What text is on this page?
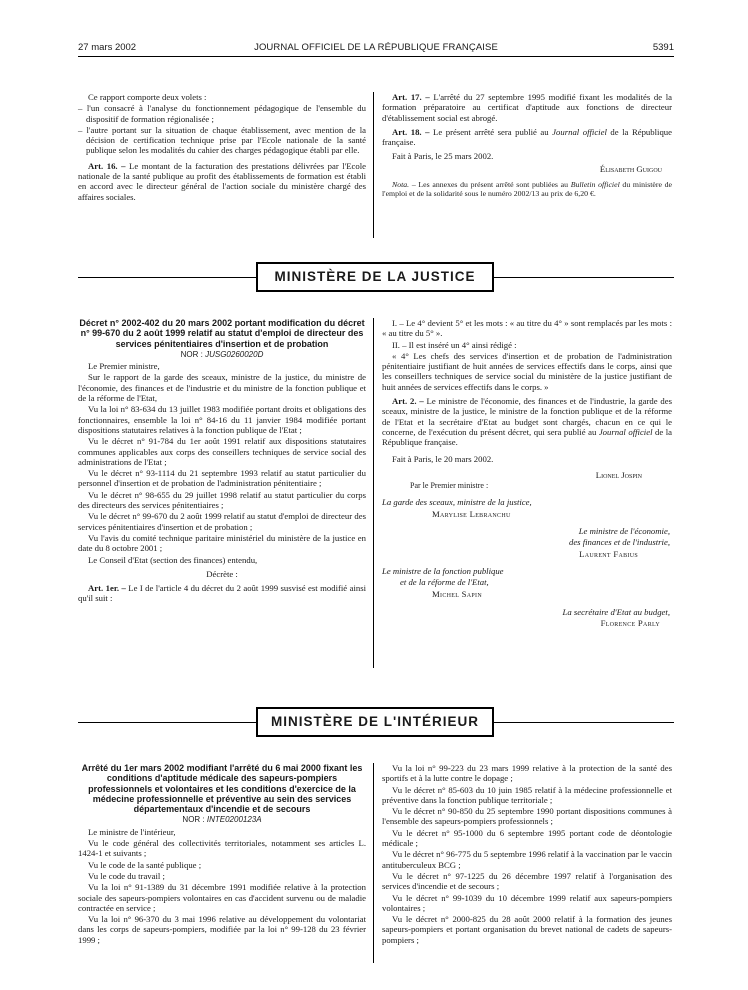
27 mars 2002	JOURNAL OFFICIEL DE LA RÉPUBLIQUE FRANÇAISE	5391

Ce rapport comporte deux volets :

– l'un consacré à l'analyse du fonctionnement pédagogique de l'ensemble du dispositif de formation régionalisée ;

– l'autre portant sur la situation de chaque établissement, avec mention de la décision de certification technique prise par l'Ecole nationale de la santé publique selon les modalités du cahier des charges pédagogique établi par elle.

Art. 16. – Le montant de la facturation des prestations délivrées par l'Ecole nationale de la santé publique au profit des établissements de formation est établi en accord avec le directeur général de l'action sociale du ministère chargé des affaires sociales.

Art. 17. – L'arrêté du 27 septembre 1995 modifié fixant les modalités de la formation préparatoire au certificat d'aptitude aux fonctions de directeur d'établissement social est abrogé.

Art. 18. – Le présent arrêté sera publié au Journal officiel de la République française.

Fait à Paris, le 25 mars 2002.

Élisabeth Guigou

Nota. – Les annexes du présent arrêté sont publiées au Bulletin officiel du ministère de l'emploi et de la solidarité sous le numéro 2002/13 au prix de 6,20 €.

MINISTÈRE DE LA JUSTICE

Décret n° 2002-402 du 20 mars 2002 portant modification du décret n° 99-670 du 2 août 1999 relatif au statut d'emploi de directeur des services pénitentiaires d'insertion et de probation

NOR : JUSG0260020D

Le Premier ministre,

Sur le rapport de la garde des sceaux, ministre de la justice, du ministre de l'économie, des finances et de l'industrie et du ministre de la fonction publique et de la réforme de l'Etat,

Vu la loi n° 83-634 du 13 juillet 1983 modifiée portant droits et obligations des fonctionnaires, ensemble la loi n° 84-16 du 11 janvier 1984 modifiée portant dispositions statutaires relatives à la fonction publique de l'Etat ;

Vu le décret n° 91-784 du 1er août 1991 relatif aux dispositions statutaires communes applicables aux corps des conseillers techniques de service social des administrations de l'Etat ;

Vu le décret n° 93-1114 du 21 septembre 1993 relatif au statut particulier du personnel d'insertion et de probation de l'administration pénitentiaire ;

Vu le décret n° 98-655 du 29 juillet 1998 relatif au statut particulier du corps des directeurs des services pénitentiaires ;

Vu le décret n° 99-670 du 2 août 1999 relatif au statut d'emploi de directeur des services pénitentiaires d'insertion et de probation ;

Vu l'avis du comité technique paritaire ministériel du ministère de la justice en date du 8 octobre 2001 ;

Le Conseil d'Etat (section des finances) entendu,

Décrète :

Art. 1er. – Le I de l'article 4 du décret du 2 août 1999 susvisé est modifié ainsi qu'il suit :

I. – Le 4° devient 5° et les mots : « au titre du 4° » sont remplacés par les mots : « au titre du 5° ».

II. – Il est inséré un 4° ainsi rédigé :

« 4° Les chefs des services d'insertion et de probation de l'administration pénitentiaire justifiant de huit années de services effectifs dans le corps, ainsi que les conseillers techniques de service social du ministère de la justice justifiant de huit années de services effectifs dans le corps. »

Art. 2. – Le ministre de l'économie, des finances et de l'industrie, la garde des sceaux, ministre de la justice, le ministre de la fonction publique et de la réforme de l'Etat et la secrétaire d'Etat au budget sont chargés, chacun en ce qui le concerne, de l'exécution du présent décret, qui sera publié au Journal officiel de la République française.

Fait à Paris, le 20 mars 2002.

Lionel Jospin

Par le Premier ministre :

La garde des sceaux, ministre de la justice,

Marylise Lebranchu

Le ministre de l'économie,

des finances et de l'industrie,

Laurent Fabius

Le ministre de la fonction publique

et de la réforme de l'Etat,

Michel Sapin

La secrétaire d'Etat au budget,

Florence Parly

MINISTÈRE DE L'INTÉRIEUR

Arrêté du 1er mars 2002 modifiant l'arrêté du 6 mai 2000 fixant les conditions d'aptitude médicale des sapeurs-pompiers professionnels et volontaires et les conditions d'exercice de la médecine professionnelle et préventive au sein des services départementaux d'incendie et de secours

NOR : INTE0200123A

Le ministre de l'intérieur,

Vu le code général des collectivités territoriales, notamment ses articles L. 1424-1 et suivants ;

Vu le code de la santé publique ;

Vu le code du travail ;

Vu la loi n° 91-1389 du 31 décembre 1991 modifiée relative à la protection sociale des sapeurs-pompiers volontaires en cas d'accident survenu ou de maladie contractée en service ;

Vu la loi n° 96-370 du 3 mai 1996 relative au développement du volontariat dans les corps de sapeurs-pompiers, modifiée par la loi n° 99-128 du 23 février 1999 ;

Vu la loi n° 99-223 du 23 mars 1999 relative à la protection de la santé des sportifs et à la lutte contre le dopage ;

Vu le décret n° 85-603 du 10 juin 1985 relatif à la médecine professionnelle et préventive dans la fonction publique territoriale ;

Vu le décret n° 90-850 du 25 septembre 1990 portant dispositions communes à l'ensemble des sapeurs-pompiers professionnels ;

Vu le décret n° 95-1000 du 6 septembre 1995 portant code de déontologie médicale ;

Vu le décret n° 96-775 du 5 septembre 1996 relatif à la vaccination par le vaccin antituberculeux BCG ;

Vu le décret n° 97-1225 du 26 décembre 1997 relatif à l'organisation des services d'incendie et de secours ;

Vu le décret n° 99-1039 du 10 décembre 1999 relatif aux sapeurs-pompiers volontaires ;

Vu le décret n° 2000-825 du 28 août 2000 relatif à la formation des jeunes sapeurs-pompiers et portant organisation du brevet national de cadets de sapeurs-pompiers ;
